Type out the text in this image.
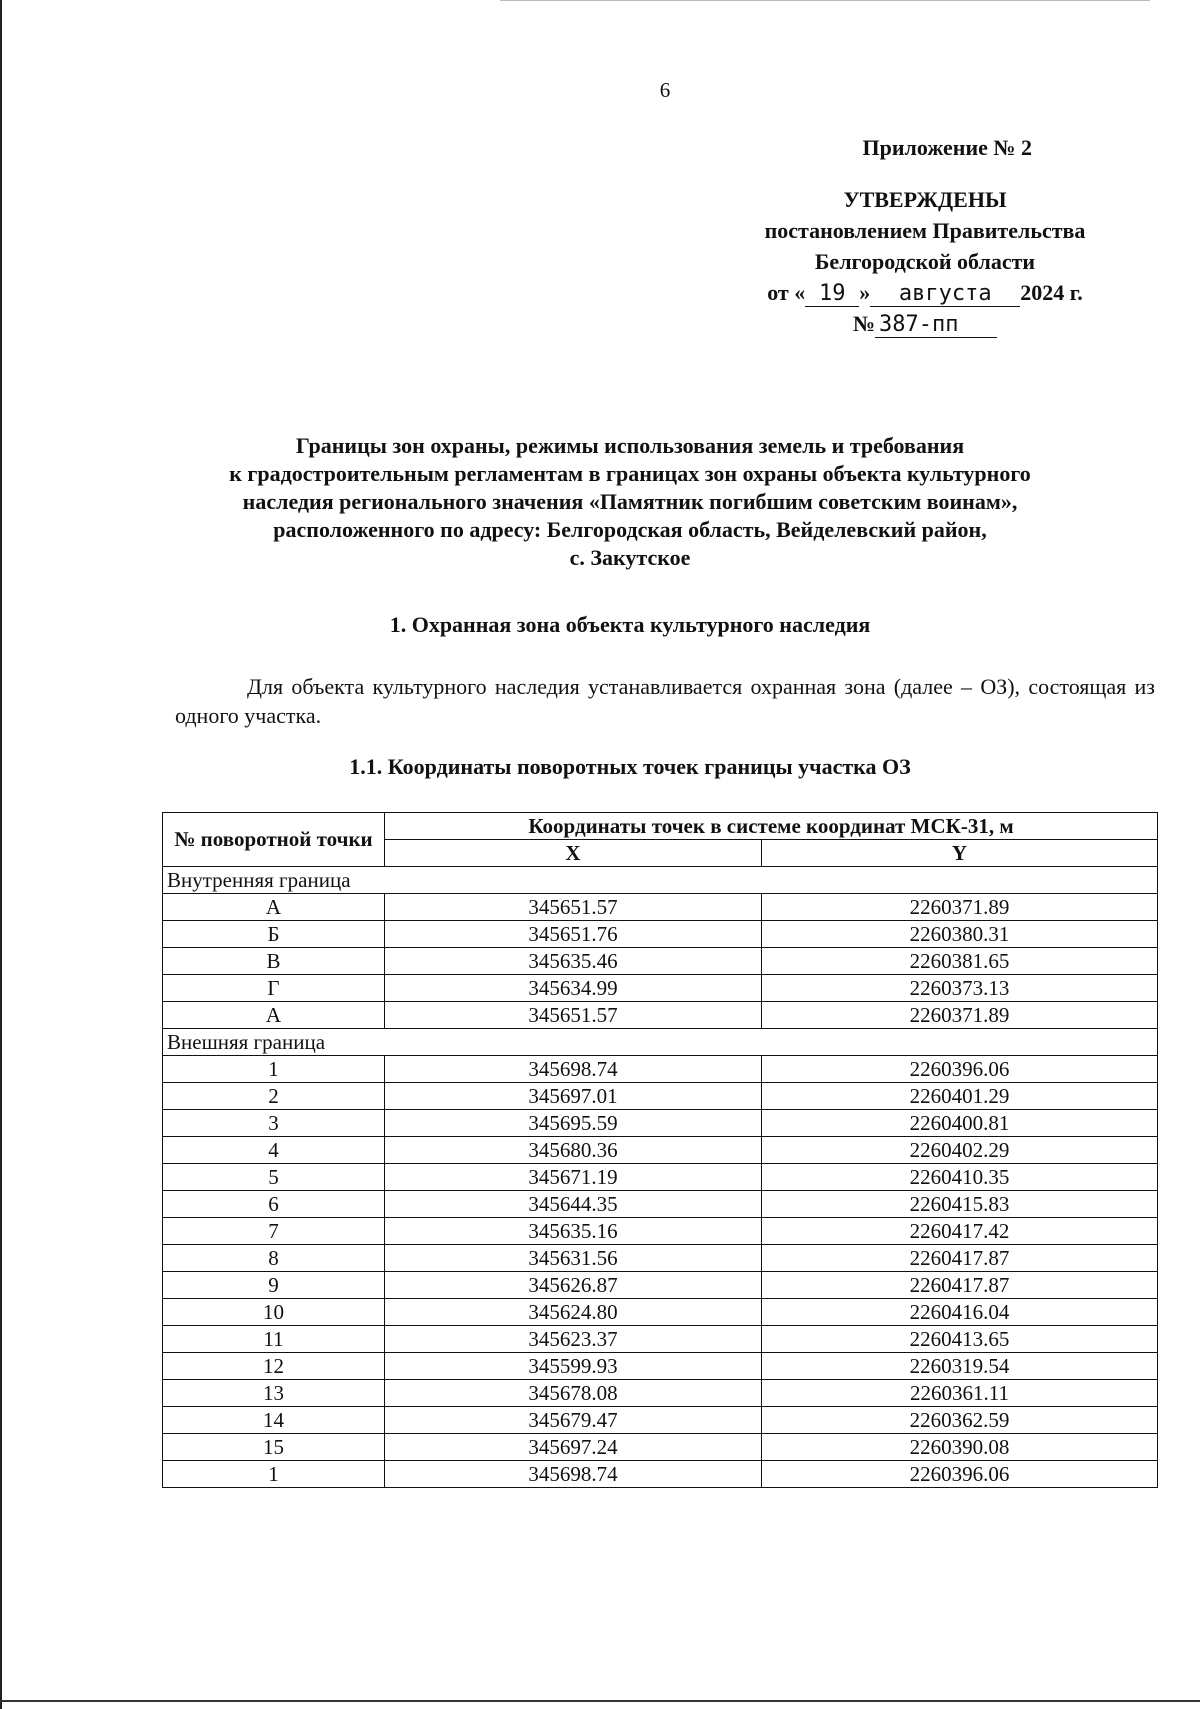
6
Приложение № 2
УТВЕРЖДЕНЫ
постановлением Правительства
Белгородской области
от « 19 » августа 2024 г.
№ 387-пп
Границы зон охраны, режимы использования земель и требования
к градостроительным регламентам в границах зон охраны объекта культурного
наследия регионального значения «Памятник погибшим советским воинам»,
расположенного по адресу: Белгородская область, Вейделевский район,
с. Закутское
1. Охранная зона объекта культурного наследия
Для объекта культурного наследия устанавливается охранная зона (далее – ОЗ), состоящая из одного участка.
1.1. Координаты поворотных точек границы участка ОЗ
№ поворотной точки	Координаты точек в системе координат МСК-31, м	
	X	Y
Внутренняя граница		
А	345651.57	2260371.89
Б	345651.76	2260380.31
В	345635.46	2260381.65
Г	345634.99	2260373.13
А	345651.57	2260371.89
Внешняя граница		
1	345698.74	2260396.06
2	345697.01	2260401.29
3	345695.59	2260400.81
4	345680.36	2260402.29
5	345671.19	2260410.35
6	345644.35	2260415.83
7	345635.16	2260417.42
8	345631.56	2260417.87
9	345626.87	2260417.87
10	345624.80	2260416.04
11	345623.37	2260413.65
12	345599.93	2260319.54
13	345678.08	2260361.11
14	345679.47	2260362.59
15	345697.24	2260390.08
1	345698.74	2260396.06
